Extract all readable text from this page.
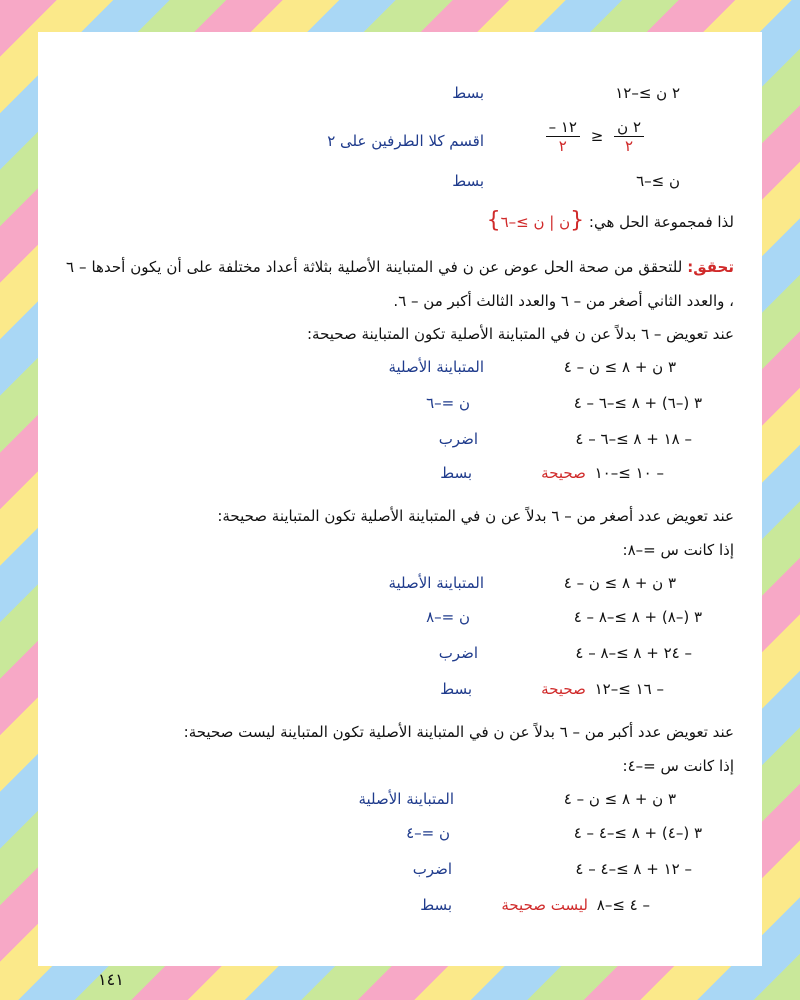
٢ ن ≥–١٢
بسط
$\frac{- ١٢}{٢} \ge \frac{\text{٢ ن}}{٢}$
اقسم كلا الطرفين على ٢
ن ≥–٦
بسط
لذا فمجموعة الحل هي: {ن | ن ≥–٦}
تحقق: للتحقق من صحة الحل عوض عن ن في المتباينة الأصلية بثلاثة أعداد مختلفة على أن يكون أحدها – ٦ ، والعدد الثاني أصغر من – ٦ والعدد الثالث أكبر من – ٦.
عند تعويض – ٦ بدلاً عن ن في المتباينة الأصلية تكون المتباينة صحيحة:
٣ ن + ٨ ≥ ن – ٤
المتباينة الأصلية
٣ (–٦) + ٨ ≥–٦ – ٤
ن =–٦
– ١٨ + ٨ ≥–٦ – ٤
اضرب
– ١٠ ≥–١٠ صحيحة
بسط
عند تعويض عدد أصغر من – ٦ بدلاً عن ن في المتباينة الأصلية تكون المتباينة صحيحة:
إذا كانت س =–٨:
٣ ن + ٨ ≥ ن – ٤
المتباينة الأصلية
٣ (–٨) + ٨ ≥–٨ – ٤
ن =–٨
– ٢٤ + ٨ ≥–٨ – ٤
اضرب
– ١٦ ≥–١٢ صحيحة
بسط
عند تعويض عدد أكبر من – ٦ بدلاً عن ن في المتباينة الأصلية تكون المتباينة ليست صحيحة:
إذا كانت س =–٤:
٣ ن + ٨ ≥ ن – ٤
المتباينة الأصلية
٣ (–٤) + ٨ ≥–٤ – ٤
ن =–٤
– ١٢ + ٨ ≥–٤ – ٤
اضرب
– ٤ ≥–٨ ليست صحيحة
بسط
١٤١
